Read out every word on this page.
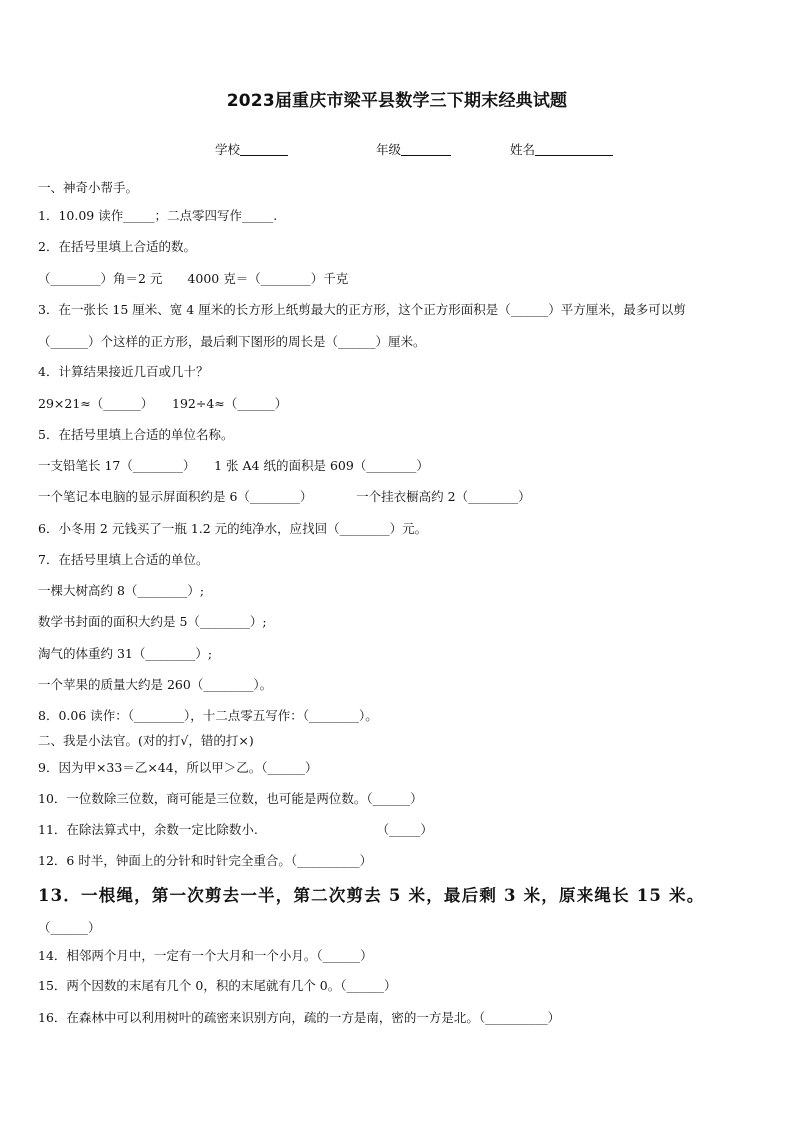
2023届重庆市梁平县数学三下期末经典试题
学校	年级	姓名
一、神奇小帮手。
1．10.09 读作_____；二点零四写作_____.
2．在括号里填上合适的数。
（________）角＝2 元　　4000 克＝（________）千克
3．在一张长 15 厘米、宽 4 厘米的长方形上纸剪最大的正方形，这个正方形面积是（______）平方厘米，最多可以剪
（______）个这样的正方形，最后剩下图形的周长是（______）厘米。
4．计算结果接近几百或几十？
29×21≈（______）　　192÷4≈（______）
5．在括号里填上合适的单位名称。
一支铅笔长 17（________）　　1 张 A4 纸的面积是 609（________）
一个笔记本电脑的显示屏面积约是 6（________）　　　　一个挂衣橱高约 2（________）
6．小冬用 2 元钱买了一瓶 1.2 元的纯净水，应找回（________）元。
7．在括号里填上合适的单位。
一棵大树高约 8（________）;
数学书封面的面积大约是 5（________）;
淘气的体重约 31（________）;
一个苹果的质量大约是 260（________）。
8．0.06 读作：（________），十二点零五写作：（________）。
二、我是小法官。(对的打√，错的打×)
9．因为甲×33＝乙×44，所以甲＞乙。（______）
10．一位数除三位数，商可能是三位数，也可能是两位数。（______）
11．在除法算式中，余数一定比除数小.　　　　　　　　　　（_____）
12．6 时半，钟面上的分针和时针完全重合。（__________）
13．一根绳，第一次剪去一半，第二次剪去 5 米，最后剩 3 米，原来绳长 15 米。
（______）
14．相邻两个月中，一定有一个大月和一个小月。（______）
15．两个因数的末尾有几个 0，积的末尾就有几个 0。（______）
16．在森林中可以利用树叶的疏密来识别方向，疏的一方是南，密的一方是北。（__________）
